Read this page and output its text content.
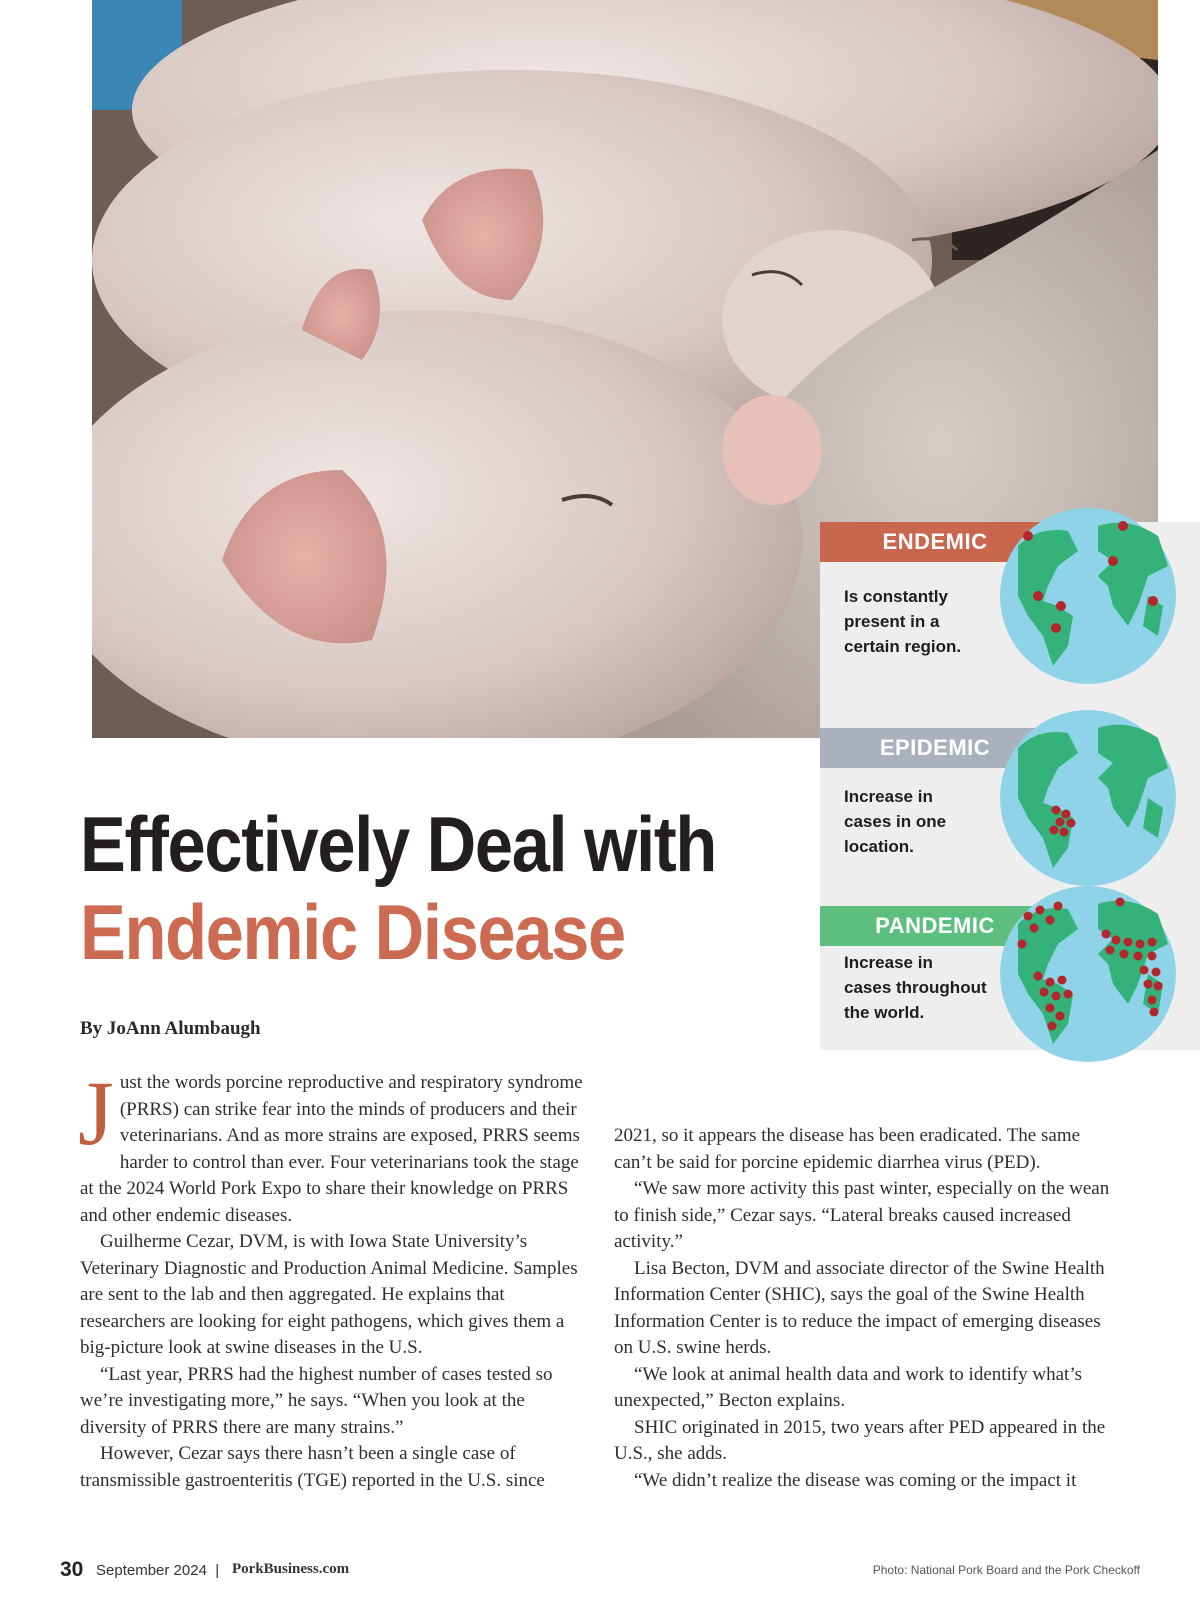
ENDEMIC
Is constantly
present in a
certain region.
EPIDEMIC
Increase in
cases in one
location.
PANDEMIC
Increase in
cases throughout
the world.
Effectively Deal with
Endemic Disease
By JoAnn Alumbaugh

Just the words porcine reproductive and respiratory syndrome (PRRS) can strike fear into the minds of producers and their veterinarians. And as more strains are exposed, PRRS seems harder to control than ever. Four veterinarians took the stage at the 2024 World Pork Expo to share their knowledge on PRRS and other endemic diseases.

Guilherme Cezar, DVM, is with Iowa State University’s Veterinary Diagnostic and Production Animal Medicine. Samples are sent to the lab and then aggregated. He explains that researchers are looking for eight pathogens, which gives them a big-picture look at swine diseases in the U.S.

“Last year, PRRS had the highest number of cases tested so we’re investigating more,” he says. “When you look at the diversity of PRRS there are many strains.”

However, Cezar says there hasn’t been a single case of transmissible gastroenteritis (TGE) reported in the U.S. since

2021, so it appears the disease has been eradicated. The same can’t be said for porcine epidemic diarrhea virus (PED).

“We saw more activity this past winter, especially on the wean to finish side,” Cezar says. “Lateral breaks caused increased activity.”

Lisa Becton, DVM and associate director of the Swine Health Information Center (SHIC), says the goal of the Swine Health Information Center is to reduce the impact of emerging diseases on U.S. swine herds.

“We look at animal health data and work to identify what’s unexpected,” Becton explains.

SHIC originated in 2015, two years after PED appeared in the U.S., she adds.

“We didn’t realize the disease was coming or the impact it

30 September 2024 | PorkBusiness.com	Photo: National Pork Board and the Pork Checkoff
